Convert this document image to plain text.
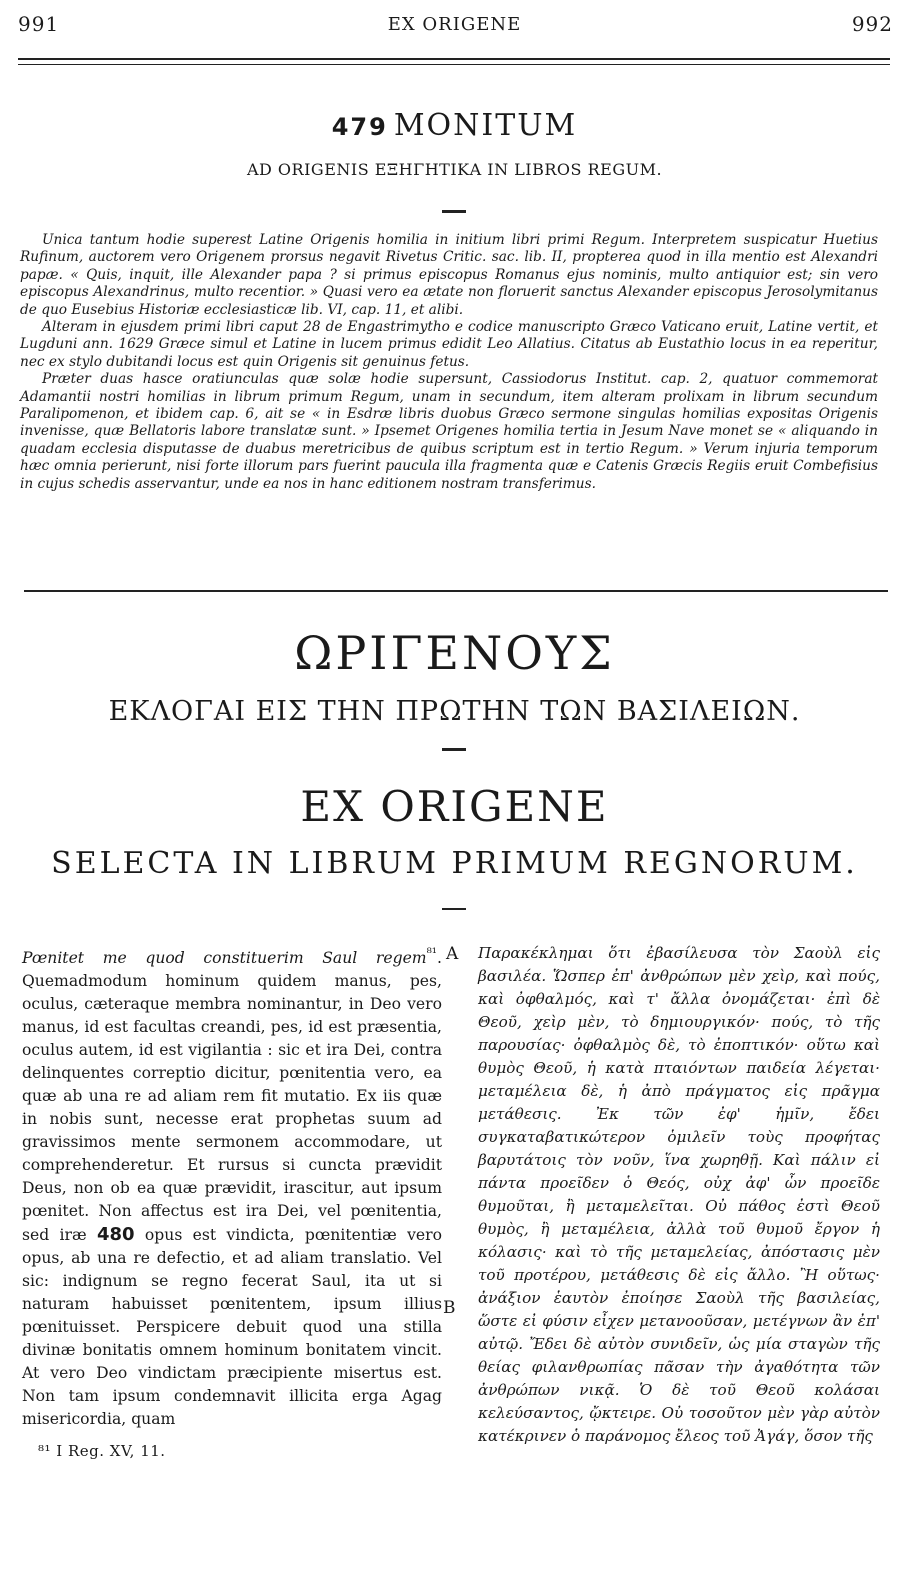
991	EX ORIGENE	992
479 MONITUM
AD ORIGENIS ΕΞΗΓΗΤΙΚΑ IN LIBROS REGUM.

Unica tantum hodie superest Latine Origenis homilia in initium libri primi Regum. Interpretem suspicatur Huetius Rufinum, auctorem vero Origenem prorsus negavit Rivetus Critic. sac. lib. II, propterea quod in illa mentio est Alexandri papæ. « Quis, inquit, ille Alexander papa ? si primus episcopus Romanus ejus nominis, multo antiquior est; sin vero episcopus Alexandrinus, multo recentior. » Quasi vero ea ætate non floruerit sanctus Alexander episcopus Jerosolymitanus de quo Eusebius Historiæ ecclesiasticæ lib. VI, cap. 11, et alibi.

Alteram in ejusdem primi libri caput 28 de Engastrimytho e codice manuscripto Græco Vaticano eruit, Latine vertit, et Lugduni ann. 1629 Græce simul et Latine in lucem primus edidit Leo Allatius. Citatus ab Eustathio locus in ea reperitur, nec ex stylo dubitandi locus est quin Origenis sit genuinus fetus.

Præter duas hasce oratiunculas quæ solæ hodie supersunt, Cassiodorus Institut. cap. 2, quatuor commemorat Adamantii nostri homilias in librum primum Regum, unam in secundum, item alteram prolixam in librum secundum Paralipomenon, et ibidem cap. 6, ait se « in Esdræ libris duobus Græco sermone singulas homilias expositas Origenis invenisse, quæ Bellatoris labore translatæ sunt. » Ipsemet Origenes homilia tertia in Jesum Nave monet se « aliquando in quadam ecclesia disputasse de duabus meretricibus de quibus scriptum est in tertio Regum. » Verum injuria temporum hæc omnia perierunt, nisi forte illorum pars fuerint paucula illa fragmenta quæ e Catenis Græcis Regiis eruit Combefisius in cujus schedis asservantur, unde ea nos in hanc editionem nostram transferimus.

ΩΡΙΓΕΝΟΥΣ
ΕΚΛΟΓΑΙ ΕΙΣ ΤΗΝ ΠΡΩΤΗΝ ΤΩΝ ΒΑΣΙΛΕΙΩΝ.
EX ORIGENE
SELECTA IN LIBRUM PRIMUM REGNORUM.

Pœnitet me quod constituerim Saul regem$^{^{81}}$. Quemadmodum hominum quidem manus, pes, oculus, cæteraque membra nominantur, in Deo vero manus, id est facultas creandi, pes, id est præsentia, oculus autem, id est vigilantia : sic et ira Dei, contra delinquentes correptio dicitur, pœnitentia vero, ea quæ ab una re ad aliam rem fit mutatio. Ex iis quæ in nobis sunt, necesse erat prophetas suum ad gravissimos mente sermonem accommodare, ut comprehenderetur. Et rursus si cuncta prævidit Deus, non ob ea quæ prævidit, irascitur, aut ipsum pœnitet. Non affectus est ira Dei, vel pœnitentia, sed iræ 480 opus est vindicta, pœnitentiæ vero opus, ab una re defectio, et ad aliam translatio. Vel sic: indignum se regno fecerat Saul, ita ut si naturam habuisset pœnitentem, ipsum illius pœnituisset. Perspicere debuit quod una stilla divinæ bonitatis omnem hominum bonitatem vincit. At vero Deo vindictam præcipiente misertus est. Non tam ipsum condemnavit illicita erga Agag misericordia, quam

A
B

Παρακέκλημαι ὅτι ἐβασίλευσα τὸν Σαοὺλ εἰς βασιλέα. Ὥσπερ ἐπ' ἀνθρώπων μὲν χεὶρ, καὶ πούς, καὶ ὀφθαλμός, καὶ τ' ἄλλα ὀνομάζεται· ἐπὶ δὲ Θεοῦ, χεὶρ μὲν, τὸ δημιουργικόν· πούς, τὸ τῆς παρουσίας· ὀφθαλμὸς δὲ, τὸ ἐποπτικόν· οὕτω καὶ θυμὸς Θεοῦ, ἡ κατὰ πταιόντων παιδεία λέγεται· μεταμέλεια δὲ, ἡ ἀπὸ πράγματος εἰς πρᾶγμα μετάθεσις. Ἐκ τῶν ἐφ' ἡμῖν, ἔδει συγκαταβατικώτερον ὁμιλεῖν τοὺς προφήτας βαρυτάτοις τὸν νοῦν, ἵνα χωρηθῇ. Καὶ πάλιν εἰ πάντα προεῖδεν ὁ Θεός, οὐχ ἀφ' ὧν προεῖδε θυμοῦται, ἢ μεταμελεῖται. Οὐ πάθος ἐστὶ Θεοῦ θυμὸς, ἢ μεταμέλεια, ἀλλὰ τοῦ θυμοῦ ἔργον ἡ κόλασις· καὶ τὸ τῆς μεταμελείας, ἀπόστασις μὲν τοῦ προτέρου, μετάθεσις δὲ εἰς ἄλλο. Ἢ οὕτως· ἀνάξιον ἑαυτὸν ἐποίησε Σαοὺλ τῆς βασιλείας, ὥστε εἰ φύσιν εἶχεν μετανοοῦσαν, μετέγνων ἂν ἐπ' αὐτῷ. Ἔδει δὲ αὐτὸν συνιδεῖν, ὡς μία σταγὼν τῆς θείας φιλανθρωπίας πᾶσαν τὴν ἀγαθότητα τῶν ἀνθρώπων νικᾷ. Ὁ δὲ τοῦ Θεοῦ κολάσαι κελεύσαντος, ᾤκτειρε. Οὐ τοσοῦτον μὲν γὰρ αὐτὸν κατέκρινεν ὁ παράνομος ἔλεος τοῦ Ἀγάγ, ὅσον τῆς

⁸¹ I Reg. XV, 11.
